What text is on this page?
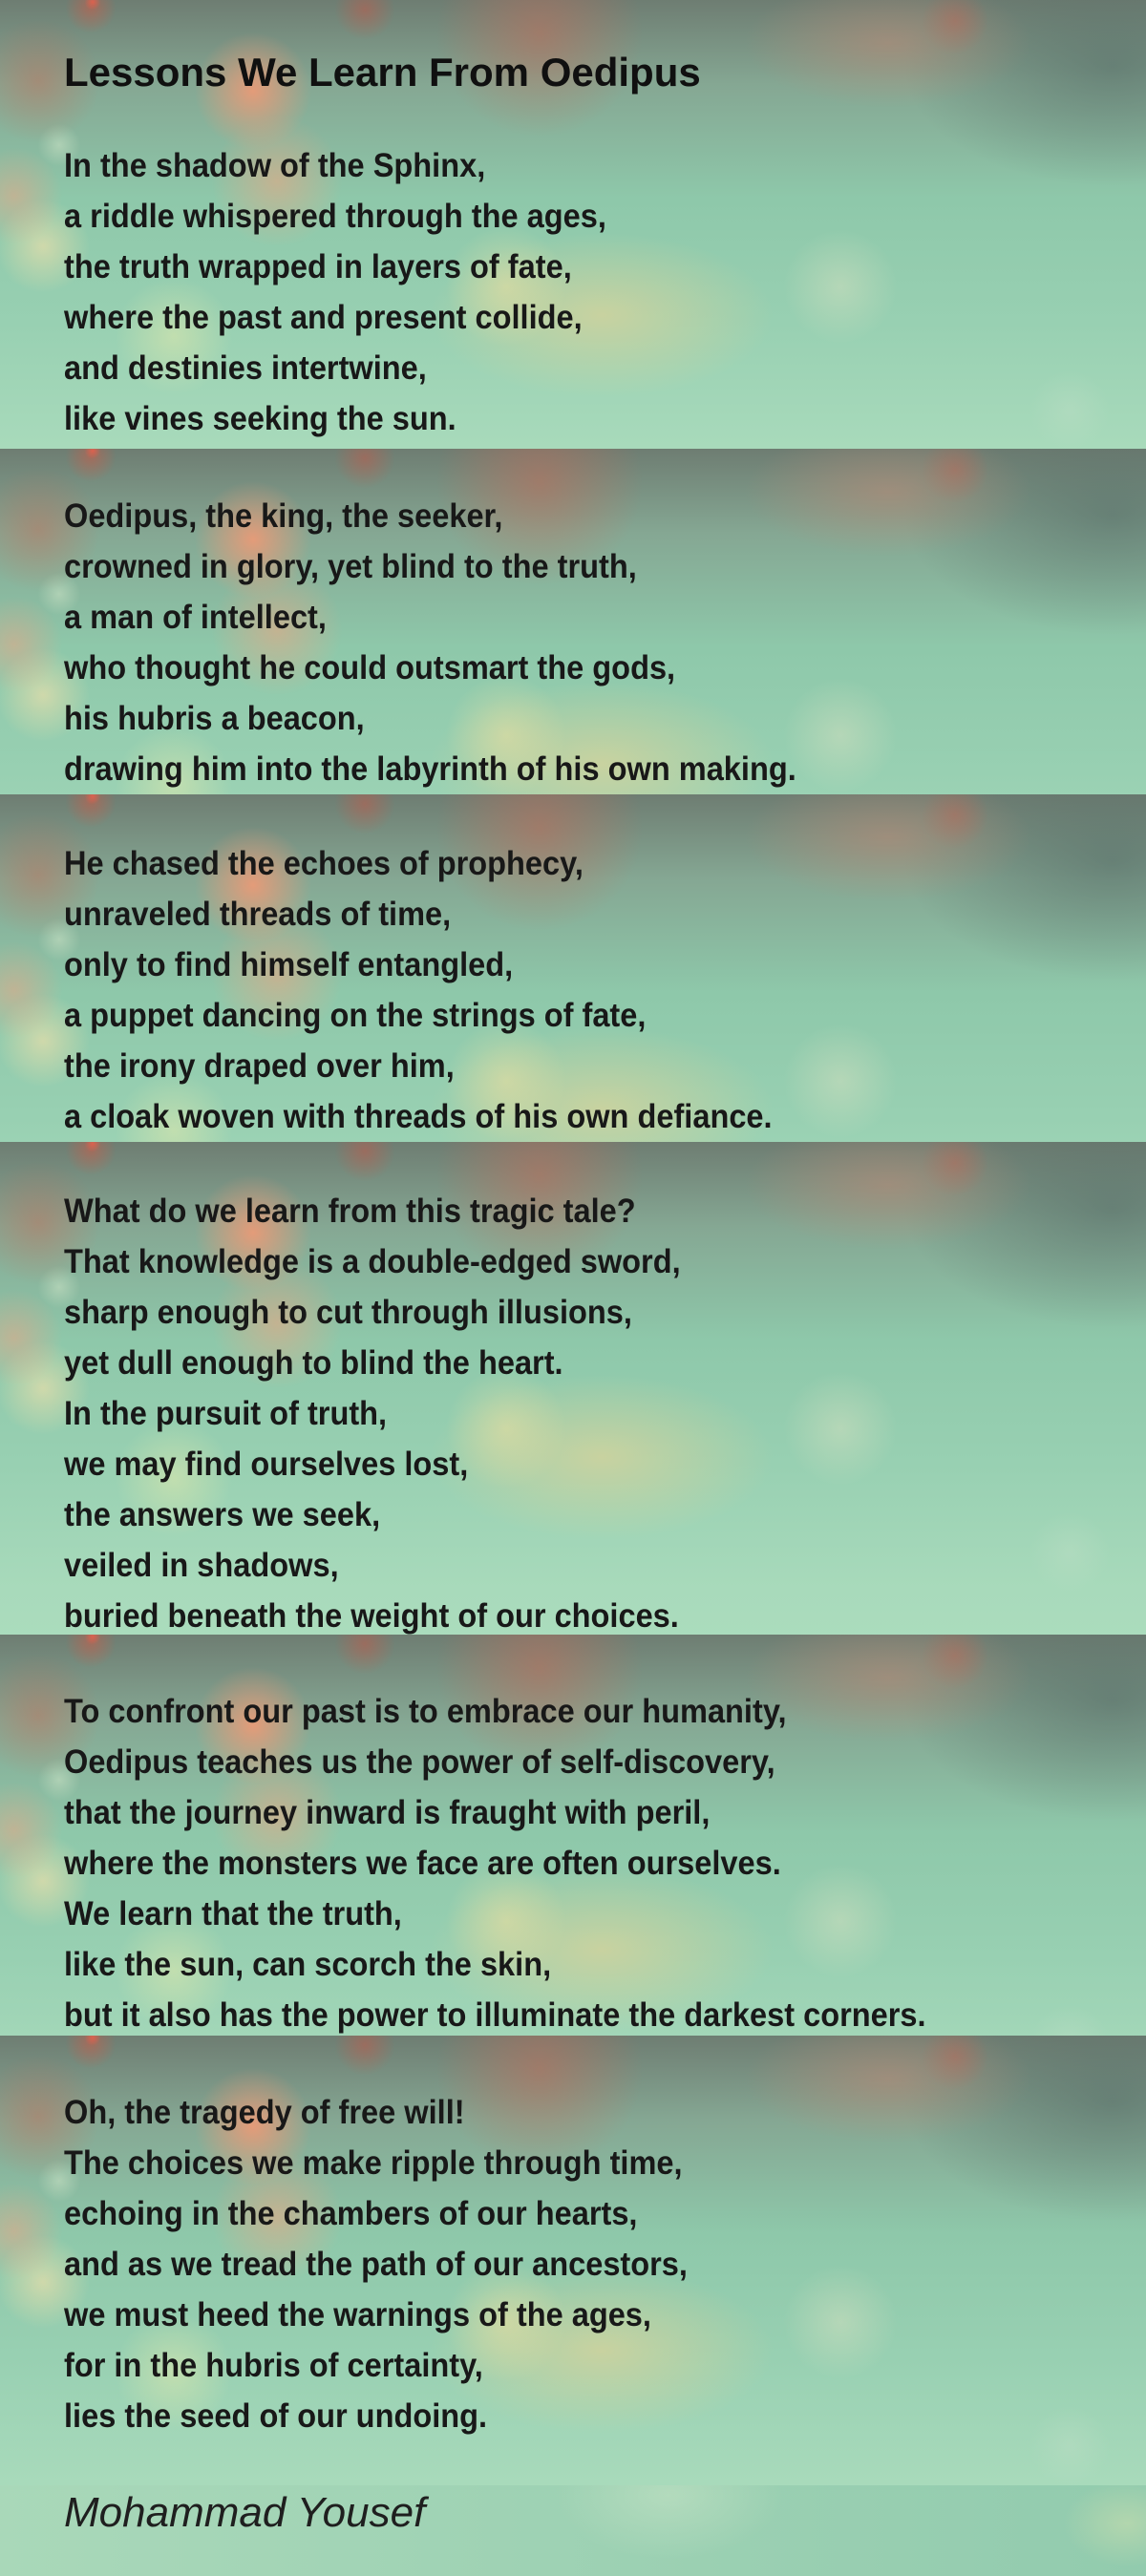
Lessons We Learn From Oedipus
In the shadow of the Sphinx,
a riddle whispered through the ages,
the truth wrapped in layers of fate,
where the past and present collide,
and destinies intertwine,
like vines seeking the sun.
Oedipus, the king, the seeker,
crowned in glory, yet blind to the truth,
a man of intellect,
who thought he could outsmart the gods,
his hubris a beacon,
drawing him into the labyrinth of his own making.
He chased the echoes of prophecy,
unraveled threads of time,
only to find himself entangled,
a puppet dancing on the strings of fate,
the irony draped over him,
a cloak woven with threads of his own defiance.
What do we learn from this tragic tale?
That knowledge is a double-edged sword,
sharp enough to cut through illusions,
yet dull enough to blind the heart.
In the pursuit of truth,
we may find ourselves lost,
the answers we seek,
veiled in shadows,
buried beneath the weight of our choices.
To confront our past is to embrace our humanity,
Oedipus teaches us the power of self-discovery,
that the journey inward is fraught with peril,
where the monsters we face are often ourselves.
We learn that the truth,
like the sun, can scorch the skin,
but it also has the power to illuminate the darkest corners.
Oh, the tragedy of free will!
The choices we make ripple through time,
echoing in the chambers of our hearts,
and as we tread the path of our ancestors,
we must heed the warnings of the ages,
for in the hubris of certainty,
lies the seed of our undoing.
Mohammad Yousef
